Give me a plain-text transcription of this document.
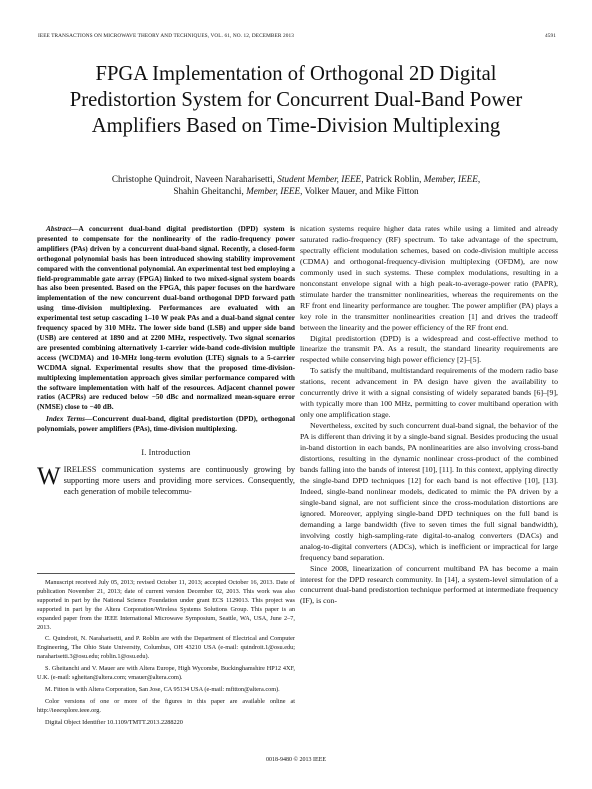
IEEE TRANSACTIONS ON MICROWAVE THEORY AND TECHNIQUES, VOL. 61, NO. 12, DECEMBER 2013	4591
FPGA Implementation of Orthogonal 2D Digital Predistortion System for Concurrent Dual-Band Power Amplifiers Based on Time-Division Multiplexing
Christophe Quindroit, Naveen Naraharisetti, Student Member, IEEE, Patrick Roblin, Member, IEEE,
Shahin Gheitanchi, Member, IEEE, Volker Mauer, and Mike Fitton

Abstract—A concurrent dual-band digital predistortion (DPD) system is presented to compensate for the nonlinearity of the radio-frequency power amplifiers (PAs) driven by a concurrent dual-band signal. Recently, a closed-form orthogonal polynomial basis has been introduced showing stability improvement compared with the conventional polynomial. An experimental test bed employing a field-programmable gate array (FPGA) linked to two mixed-signal system boards has also been presented. Based on the FPGA, this paper focuses on the hardware implementation of the new concurrent dual-band orthogonal DPD forward path using time-division multiplexing. Performances are evaluated with an experimental test setup cascading 1–10 W peak PAs and a dual-band signal center frequency spaced by 310 MHz. The lower side band (LSB) and upper side band (USB) are centered at 1890 and at 2200 MHz, respectively. Two signal scenarios are presented combining alternatively 1-carrier wide-band code-division multiple access (WCDMA) and 10-MHz long-term evolution (LTE) signals to a 5-carrier WCDMA signal. Experimental results show that the proposed time-division-multiplexing implementation approach gives similar performance compared with the software implementation with half of the resources. Adjacent channel power ratios (ACPRs) are reduced below −50 dBc and normalized mean-square error (NMSE) close to −40 dB.

Index Terms—Concurrent dual-band, digital predistortion (DPD), orthogonal polynomials, power amplifiers (PAs), time-division multiplexing.

I. Introduction

WIRELESS communication systems are continuously growing by supporting more users and providing more services. Consequently, each generation of mobile telecommu-

Manuscript received July 05, 2013; revised October 11, 2013; accepted October 16, 2013. Date of publication November 21, 2013; date of current version December 02, 2013. This work was also supported in part by the National Science Foundation under grant ECS 1129013. This project was supported in part by the Altera Corporation/Wireless Systems Solutions Group. This paper is an expanded paper from the IEEE International Microwave Symposium, Seattle, WA, USA, June 2–7, 2013.

C. Quindroit, N. Naraharisetti, and P. Roblin are with the Department of Electrical and Computer Engineering, The Ohio State University, Columbus, OH 43210 USA (e-mail: quindroit.1@osu.edu; naraharisetti.3@osu.edu; roblin.1@osu.edu).

S. Gheitanchi and V. Mauer are with Altera Europe, High Wycombe, Buckinghamshire HP12 4XF, U.K. (e-mail: sgheitan@altera.com; vmauer@altera.com).

M. Fitton is with Altera Corporation, San Jose, CA 95134 USA (e-mail: mfitton@altera.com).

Color versions of one or more of the figures in this paper are available online at http://ieeexplore.ieee.org.

Digital Object Identifier 10.1109/TMTT.2013.2288220

nication systems require higher data rates while using a limited and already saturated radio-frequency (RF) spectrum. To take advantage of the spectrum, spectrally efficient modulation schemes, based on code-division multiple access (CDMA) and orthogonal-frequency-division multiplexing (OFDM), are now commonly used in such systems. These complex modulations, resulting in a nonconstant envelope signal with a high peak-to-average-power ratio (PAPR), stimulate harder the transmitter nonlinearities, whereas the requirements on the RF front end linearity performance are tougher. The power amplifier (PA) plays a key role in the transmitter nonlinearities creation [1] and drives the tradeoff between the linearity and the power efficiency of the RF front end.

Digital predistortion (DPD) is a widespread and cost-effective method to linearize the transmit PA. As a result, the standard linearity requirements are respected while conserving high power efficiency [2]–[5].

To satisfy the multiband, multistandard requirements of the modern radio base stations, recent advancement in PA design have given the availability to concurrently drive it with a signal consisting of widely separated bands [6]–[9], with typically more than 100 MHz, permitting to cover multiband operation with only one amplification stage.

Nevertheless, excited by such concurrent dual-band signal, the behavior of the PA is different than driving it by a single-band signal. Besides producing the usual in-band distortion in each bands, PA nonlinearities are also involving cross-band distortions, resulting in the dynamic nonlinear cross-product of the combined bands falling into the bands of interest [10], [11]. In this context, applying directly the single-band DPD techniques [12] for each band is not effective [10], [13]. Indeed, single-band nonlinear models, dedicated to mimic the PA driven by a single-band signal, are not sufficient since the cross-modulation distortions are ignored. Moreover, applying single-band DPD techniques on the full band is demanding a large bandwidth (five to seven times the full signal bandwidth), involving costly high-sampling-rate digital-to-analog converters (DACs) and analog-to-digital converters (ADCs), which is inefficient or impractical for large frequency band separation.

Since 2008, linearization of concurrent multiband PA has become a main interest for the DPD research community. In [14], a system-level simulation of a concurrent dual-band predistortion technique performed at intermediate frequency (IF), is con-

0018-9480 © 2013 IEEE
